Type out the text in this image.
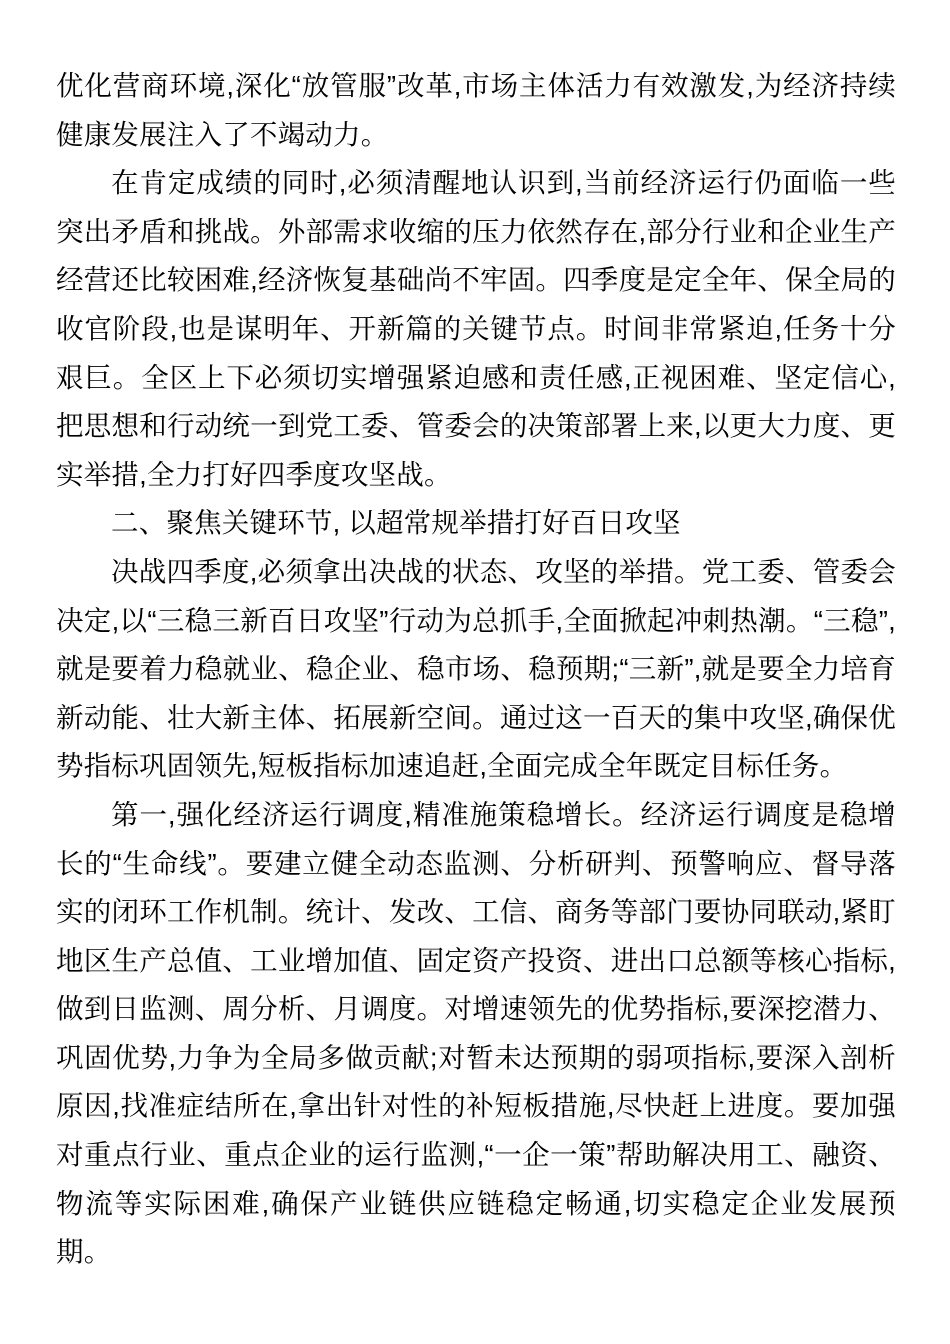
优化营商环境,深化“放管服”改革,市场主体活力有效激发,为经济持续健康发展注入了不竭动力。

在肯定成绩的同时,必须清醒地认识到,当前经济运行仍面临一些突出矛盾和挑战。外部需求收缩的压力依然存在,部分行业和企业生产经营还比较困难,经济恢复基础尚不牢固。四季度是定全年、保全局的收官阶段,也是谋明年、开新篇的关键节点。时间非常紧迫,任务十分艰巨。全区上下必须切实增强紧迫感和责任感,正视困难、坚定信心,把思想和行动统一到党工委、管委会的决策部署上来,以更大力度、更实举措,全力打好四季度攻坚战。

二、聚焦关键环节, 以超常规举措打好百日攻坚

决战四季度,必须拿出决战的状态、攻坚的举措。党工委、管委会决定,以“三稳三新百日攻坚”行动为总抓手,全面掀起冲刺热潮。“三稳”,就是要着力稳就业、稳企业、稳市场、稳预期;“三新”,就是要全力培育新动能、壮大新主体、拓展新空间。通过这一百天的集中攻坚,确保优势指标巩固领先,短板指标加速追赶,全面完成全年既定目标任务。

第一,强化经济运行调度,精准施策稳增长。经济运行调度是稳增长的“生命线”。要建立健全动态监测、分析研判、预警响应、督导落实的闭环工作机制。统计、发改、工信、商务等部门要协同联动,紧盯地区生产总值、工业增加值、固定资产投资、进出口总额等核心指标,做到日监测、周分析、月调度。对增速领先的优势指标,要深挖潜力、巩固优势,力争为全局多做贡献;对暂未达预期的弱项指标,要深入剖析原因,找准症结所在,拿出针对性的补短板措施,尽快赶上进度。要加强对重点行业、重点企业的运行监测,“一企一策”帮助解决用工、融资、物流等实际困难,确保产业链供应链稳定畅通,切实稳定企业发展预期。
